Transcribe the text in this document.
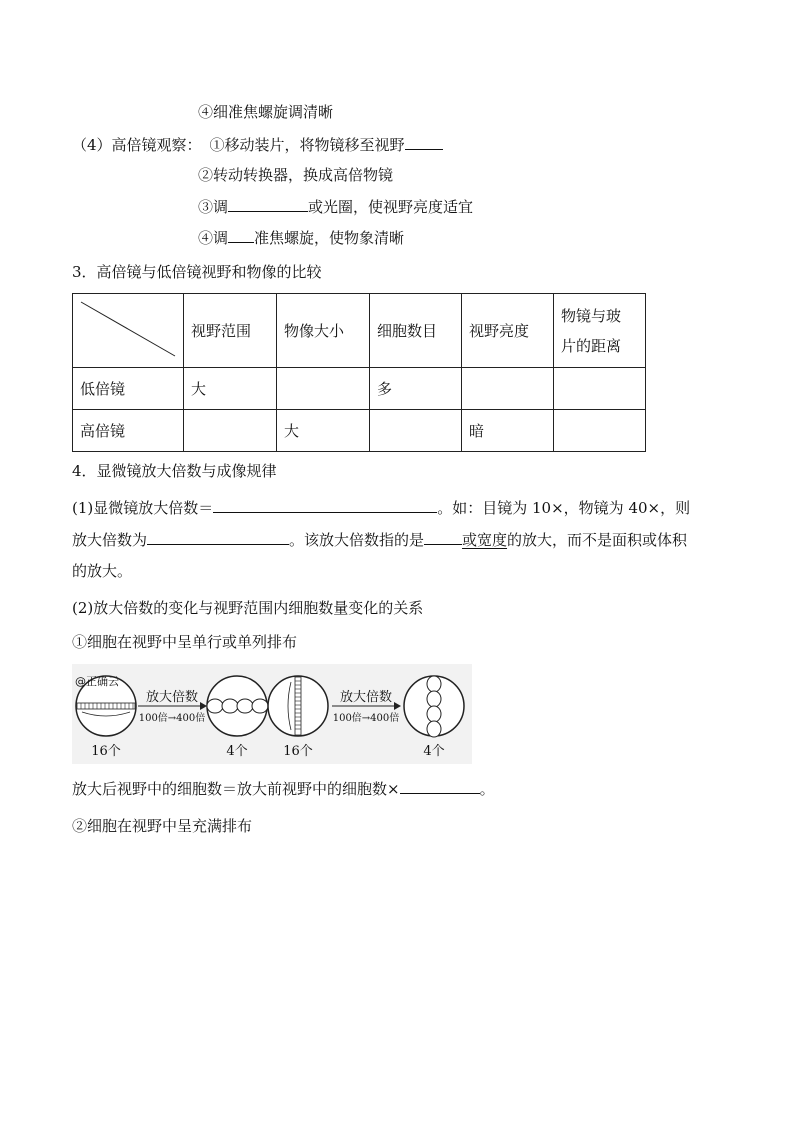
④细准焦螺旋调清晰
（4）高倍镜观察： ①移动装片，将物镜移至视野
②转动转换器，换成高倍物镜
③调	或光圈，使视野亮度适宜
④调 准焦螺旋，使物象清晰
3．高倍镜与低倍镜视野和物像的比较
	视野范围	物像大小	细胞数目	视野亮度	物镜与玻
片的距离

低倍镜	大		多		
高倍镜		大		暗	
4．显微镜放大倍数与成像规律
(1)显微镜放大倍数＝	。如：目镜为 10×，物镜为 40×，则
放大倍数为	。该放大倍数指的是	或宽度的放大，而不是面积或体积
的放大。
(2)放大倍数的变化与视野范围内细胞数量变化的关系
①细胞在视野中呈单行或单列排布
@正确云
放大倍数
100倍→400倍
放大倍数
100倍→400倍
16个	4个	16个	4个
放大后视野中的细胞数＝放大前视野中的细胞数×	。
②细胞在视野中呈充满排布
